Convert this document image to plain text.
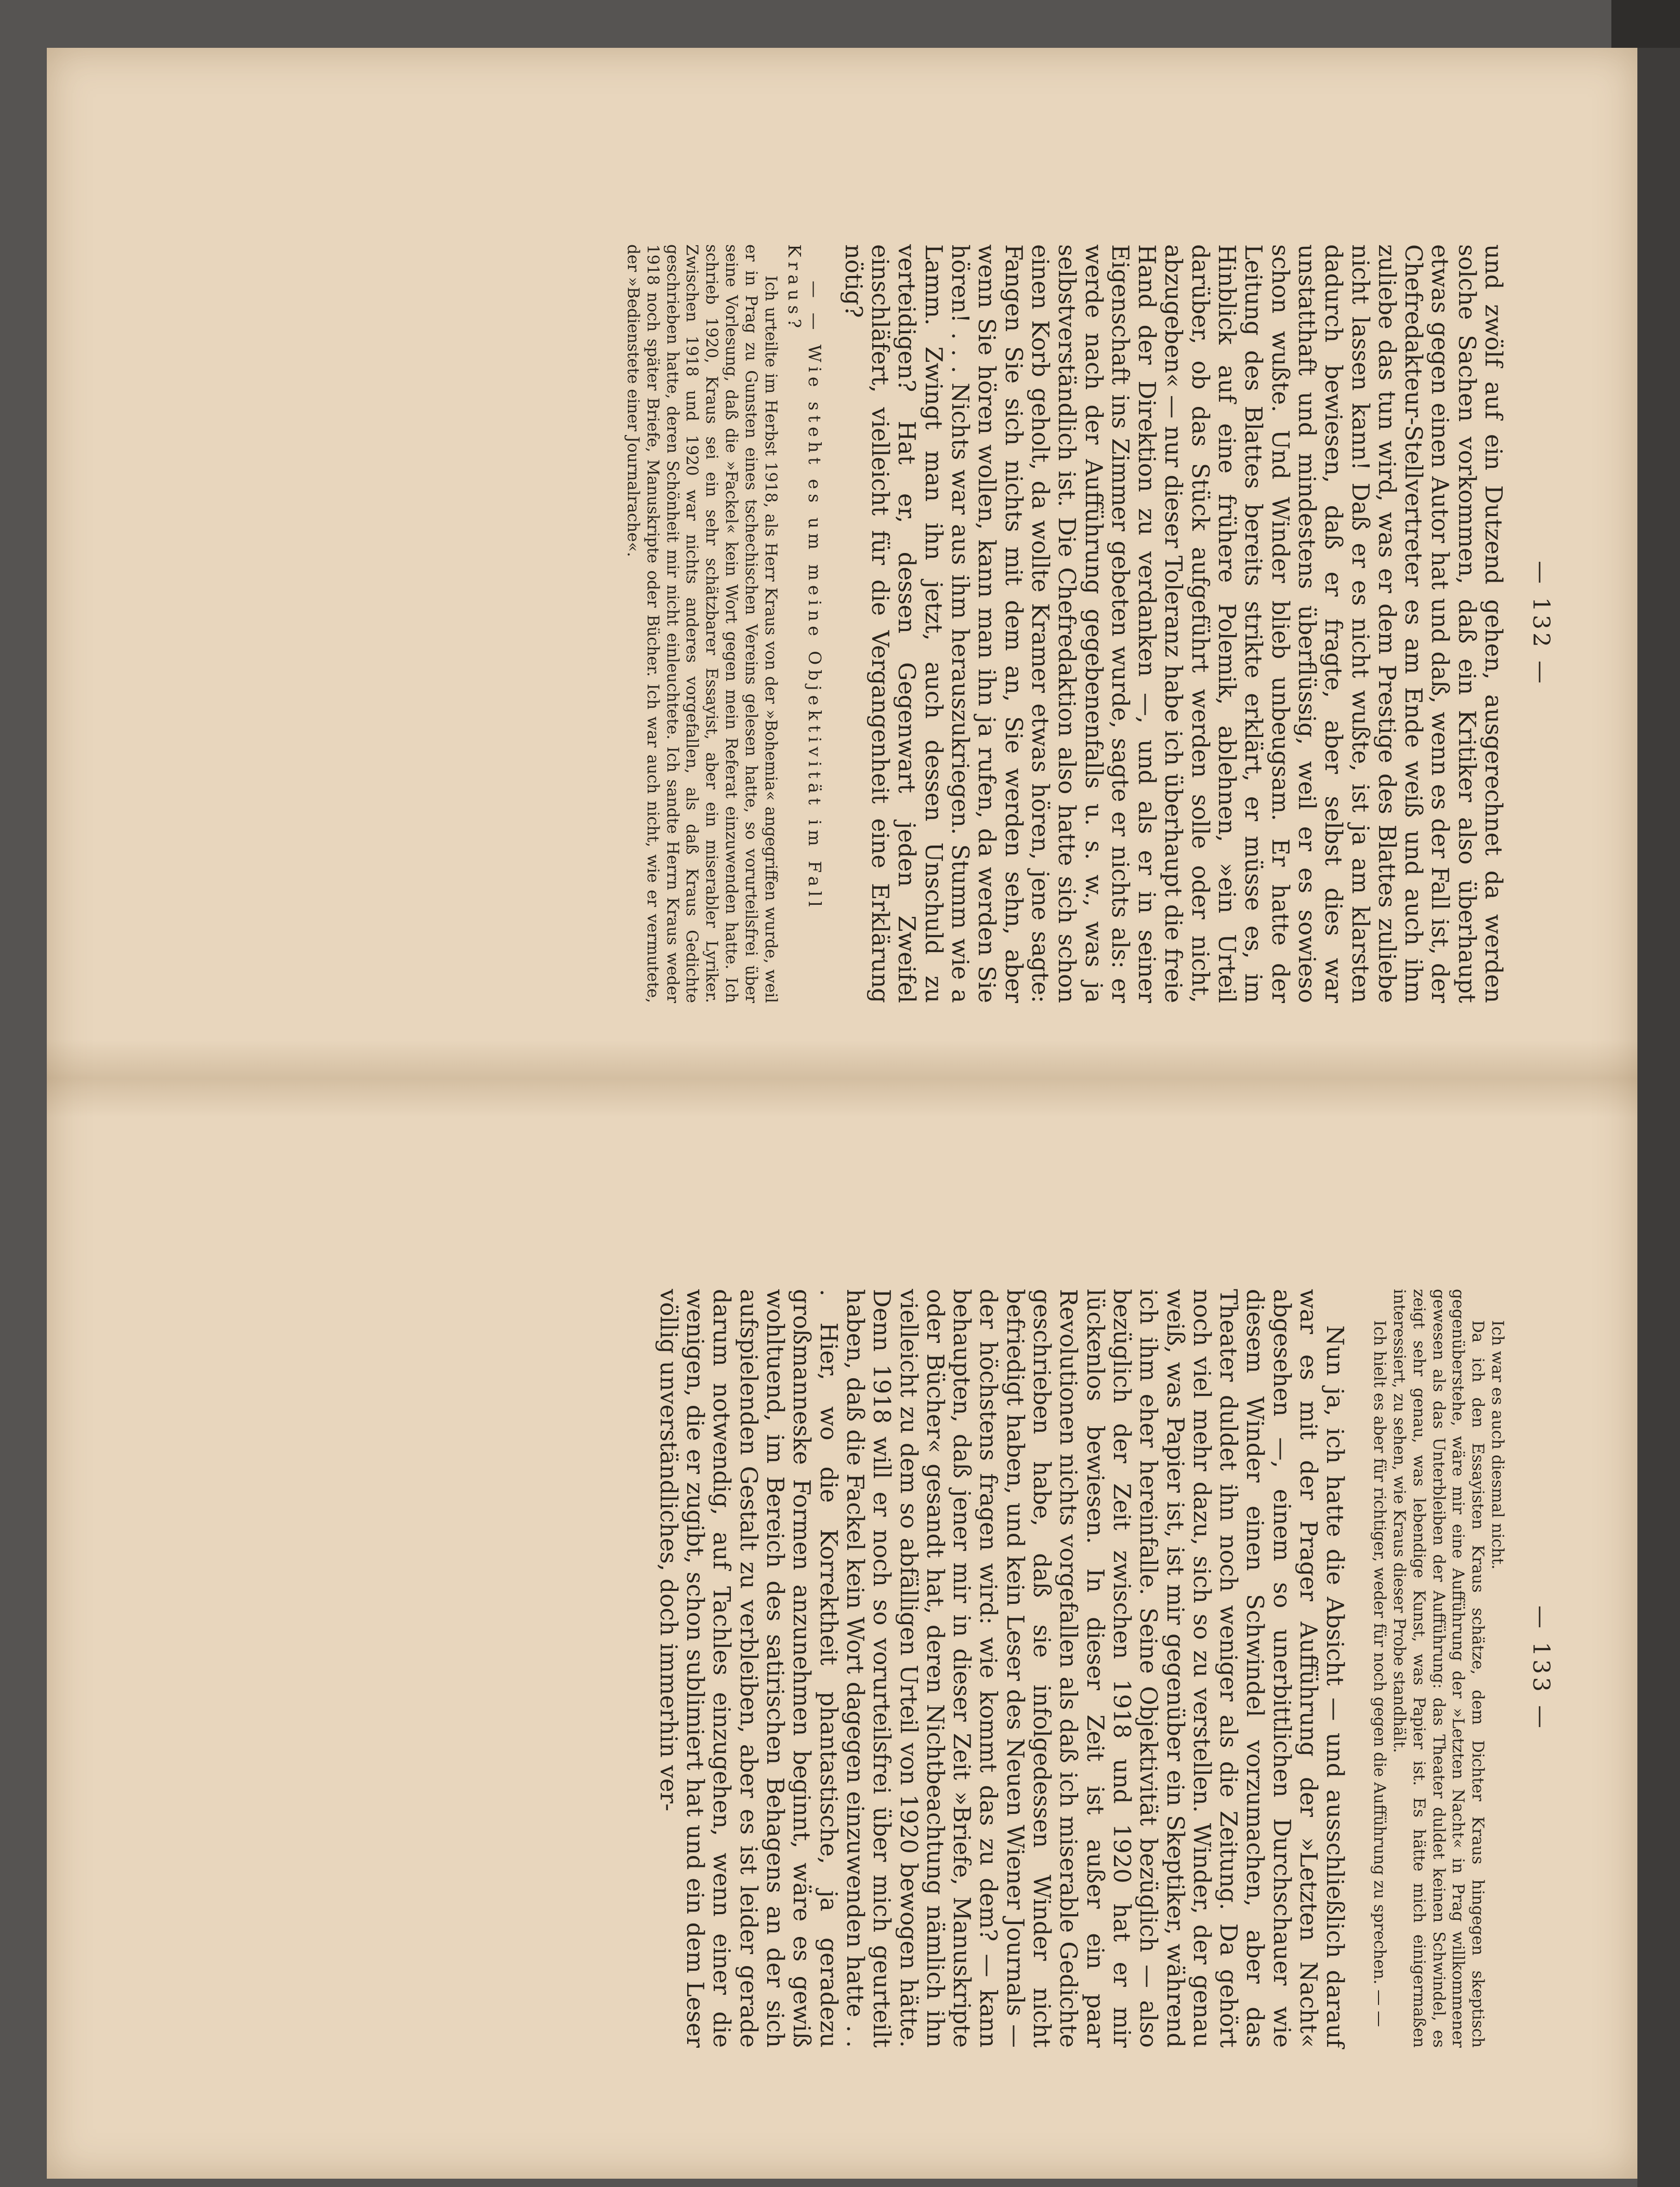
— 132 —

und zwölf auf ein Dutzend gehen, ausgerechnet da werden solche Sachen vorkommen, daß ein Kritiker also überhaupt etwas gegen einen Autor hat und daß, wenn es der Fall ist, der Chefredakteur-Stellvertreter es am Ende weiß und auch ihm zuliebe das tun wird, was er dem Prestige des Blattes zuliebe nicht lassen kann! Daß er es nicht wußte, ist ja am klarsten dadurch bewiesen, daß er fragte, aber selbst dies war unstatthaft und mindestens überflüssig, weil er es sowieso schon wußte. Und Winder blieb unbeugsam. Er hatte der Leitung des Blattes bereits strikte erklärt, er müsse es, im Hinblick auf eine frühere Polemik, ablehnen, »ein Urteil darüber, ob das Stück aufgeführt werden solle oder nicht, abzugeben« — nur dieser Toleranz habe ich überhaupt die freie Hand der Direktion zu verdanken —, und als er in seiner Eigenschaft ins Zimmer gebeten wurde, sagte er nichts als: er werde nach der Aufführung gegebenenfalls u. s. w., was ja selbstverständlich ist. Die Chefredaktion also hatte sich schon einen Korb geholt, da wollte Kramer etwas hören, jene sagte: Fangen Sie sich nichts mit dem an, Sie werden sehn, aber wenn Sie hören wollen, kann man ihn ja rufen, da werden Sie hören! . . . Nichts war aus ihm herauszukriegen. Stumm wie a Lamm. Zwingt man ihn jetzt, auch dessen Unschuld zu verteidigen? Hat er, dessen Gegenwart jeden Zweifel einschläfert, vielleicht für die Vergangenheit eine Erklärung nötig?

— — Wie steht es um meine Objektivität im Fall Kraus?

Ich urteilte im Herbst 1918, als Herr Kraus von der »Bohemia« angegriffen wurde, weil er in Prag zu Gunsten eines tschechischen Vereins gelesen hatte, so vorurteilsfrei über seine Vorlesung, daß die »Fackel« kein Wort gegen mein Referat einzuwenden hatte. Ich schrieb 1920, Kraus sei ein sehr schätzbarer Essayist, aber ein miserabler Lyriker. Zwischen 1918 und 1920 war nichts anderes vorgefallen, als daß Kraus Gedichte geschrieben hatte, deren Schönheit mir nicht einleuchtete. Ich sandte Herrn Kraus weder 1918 noch später Briefe, Manuskripte oder Bücher. Ich war auch nicht, wie er vermutete, der »Bedienstete einer Journalrache«.

— 133 —

Ich war es auch diesmal nicht.

Da ich den Essayisten Kraus schätze, dem Dichter Kraus hingegen skeptisch gegenüberstehe, wäre mir eine Aufführung der »Letzten Nacht« in Prag willkommener gewesen als das Unterbleiben der Aufführung: das Theater duldet keinen Schwindel, es zeigt sehr genau, was lebendige Kunst, was Papier ist. Es hätte mich einigermaßen interessiert, zu sehen, wie Kraus dieser Probe standhält.

Ich hielt es aber für richtiger, weder für noch gegen die Aufführung zu sprechen. — —

Nun ja, ich hatte die Absicht — und ausschließlich darauf war es mit der Prager Aufführung der »Letzten Nacht« abgesehen —, einem so unerbittlichen Durchschauer wie diesem Winder einen Schwindel vorzumachen, aber das Theater duldet ihn noch weniger als die Zeitung. Da gehört noch viel mehr dazu, sich so zu verstellen. Winder, der genau weiß, was Papier ist, ist mir gegenüber ein Skeptiker, während ich ihm eher hereinfalle. Seine Objektivität bezüglich — also bezüglich der Zeit zwischen 1918 und 1920 hat er mir lückenlos bewiesen. In dieser Zeit ist außer ein paar Revolutionen nichts vorgefallen als daß ich miserable Gedichte geschrieben habe, daß sie infolgedessen Winder nicht befriedigt haben, und kein Leser des Neuen Wiener Journals — der höchstens fragen wird: wie kommt das zu dem? — kann behaupten, daß jener mir in dieser Zeit »Briefe, Manuskripte oder Bücher« gesandt hat, deren Nichtbeachtung nämlich ihn vielleicht zu dem so abfälligen Urteil von 1920 bewogen hätte. Denn 1918 will er noch so vorurteilsfrei über mich geurteilt haben, daß die Fackel kein Wort dagegen einzuwenden hatte . . . Hier, wo die Korrektheit phantastische, ja geradezu großmanneske Formen anzunehmen beginnt, wäre es gewiß wohltuend, im Bereich des satirischen Behagens an der sich aufspielenden Gestalt zu verbleiben, aber es ist leider gerade darum notwendig, auf Tachles einzugehen, wenn einer die wenigen, die er zugibt, schon sublimiert hat und ein dem Leser völlig unverständliches, doch immerhin ver-
